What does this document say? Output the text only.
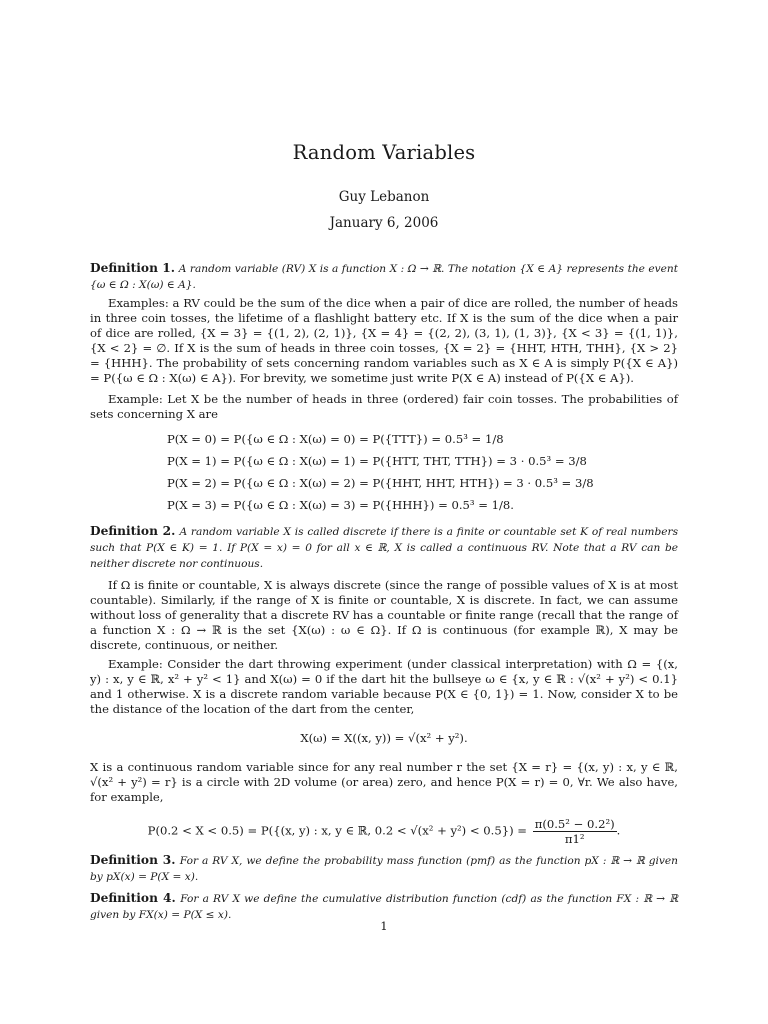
Random Variables
Guy Lebanon
January 6, 2006
Definition 1. A random variable (RV) X is a function X : Ω → ℝ. The notation {X ∈ A} represents the event {ω ∈ Ω : X(ω) ∈ A}.
Examples: a RV could be the sum of the dice when a pair of dice are rolled, the number of heads in three coin tosses, the lifetime of a flashlight battery etc. If X is the sum of the dice when a pair of dice are rolled, {X = 3} = {(1, 2), (2, 1)}, {X = 4} = {(2, 2), (3, 1), (1, 3)}, {X < 3} = {(1, 1)}, {X < 2} = ∅. If X is the sum of heads in three coin tosses, {X = 2} = {HHT, HTH, THH}, {X > 2} = {HHH}. The probability of sets concerning random variables such as X ∈ A is simply P({X ∈ A}) = P({ω ∈ Ω : X(ω) ∈ A}). For brevity, we sometime just write P(X ∈ A) instead of P({X ∈ A}).
Example: Let X be the number of heads in three (ordered) fair coin tosses. The probabilities of sets concerning X are
P(X = 0) = P({ω ∈ Ω : X(ω) = 0) = P({TTT}) = 0.5³ = 1/8
P(X = 1) = P({ω ∈ Ω : X(ω) = 1) = P({HTT, THT, TTH}) = 3 · 0.5³ = 3/8
P(X = 2) = P({ω ∈ Ω : X(ω) = 2) = P({HHT, HHT, HTH}) = 3 · 0.5³ = 3/8
P(X = 3) = P({ω ∈ Ω : X(ω) = 3) = P({HHH}) = 0.5³ = 1/8.
Definition 2. A random variable X is called discrete if there is a finite or countable set K of real numbers such that P(X ∈ K) = 1. If P(X = x) = 0 for all x ∈ ℝ, X is called a continuous RV. Note that a RV can be neither discrete nor continuous.
If Ω is finite or countable, X is always discrete (since the range of possible values of X is at most countable). Similarly, if the range of X is finite or countable, X is discrete. In fact, we can assume without loss of generality that a discrete RV has a countable or finite range (recall that the range of a function X : Ω → ℝ is the set {X(ω) : ω ∈ Ω}. If Ω is continuous (for example ℝ), X may be discrete, continuous, or neither.
Example: Consider the dart throwing experiment (under classical interpretation) with Ω = {(x, y) : x, y ∈ ℝ, x² + y² < 1} and X(ω) = 0 if the dart hit the bullseye ω ∈ {x, y ∈ ℝ : √(x² + y²) < 0.1} and 1 otherwise. X is a discrete random variable because P(X ∈ {0, 1}) = 1. Now, consider X to be the distance of the location of the dart from the center,
X(ω) = X((x, y)) = √(x² + y²).
X is a continuous random variable since for any real number r the set {X = r} = {(x, y) : x, y ∈ ℝ, √(x² + y²) = r} is a circle with 2D volume (or area) zero, and hence P(X = r) = 0, ∀r. We also have, for example,
P(0.2 < X < 0.5) = P({(x, y) : x, y ∈ ℝ, $0.2 < √(x^2 + y^2) < 0.5\}) = \frac{\text{π(0.5² − 0.2²)}}{\text{π1²}}$ .
Definition 3. For a RV X, we define the probability mass function (pmf) as the function pX : ℝ → ℝ given by pX(x) = P(X = x).
Definition 4. For a RV X we define the cumulative distribution function (cdf) as the function FX : ℝ → ℝ given by FX(x) = P(X ≤ x).
1
